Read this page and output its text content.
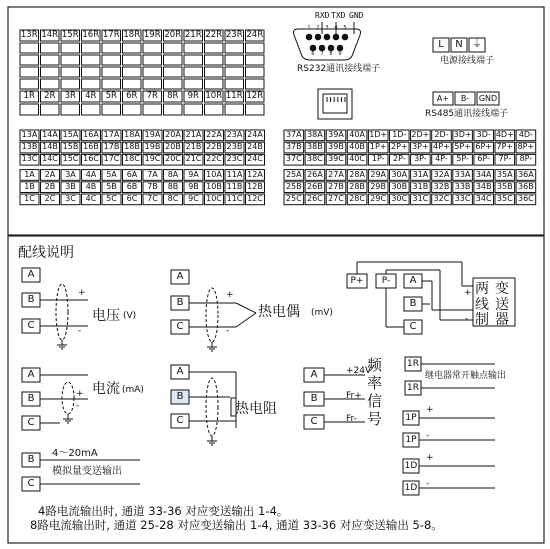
13R 14R 15R 16R 17R 18R 19R 20R 21R 22R 23R 24R
1R	2R	3R	4R	5R	6R	7R	8R	9R 10R 11R 12R
13A 14A 15A 16A 17A 18A 19A 20A 21A 22A 23A 24A
13B 14B 15B 16B 17B 18B 19B 20B 21B 22B 23B 24B
13C 14C 15C 16C 17C 18C 19C 20C 21C 22C 23C 24C
1A	2A	3A	4A	5A	6A	7A	8A	9A 10A 11A 12A
1B	2B	3B	4B	5B	6B	7B	8B	9B 10B 11B 12B
1C	2C	3C	4C	5C	6C	7C	8C	9C 10C 11C 12C
37A 38A 39A 40A 1D+ 1D- 2D+ 2D- 3D+ 3D- 4D+ 4D-
37B 38B 39B 40B 1P+ 2P+ 3P+ 4P+ 5P+ 6P+ 7P+ 8P+
37C 38C 39C 40C 1P-	2P-	3P-	4P-	5P-	6P-	7P-	8P-
25A 26A 27A 28A 29A 30A 31A 32A 33A 34A 35A 36A
25B 26B 27B 28B 29B 30B 31B 32B 33B 34B 35B 36B
25C 26C 27C 28C 29C 30C 31C 32C 33C 34C 35C 36C
RXD TXD GND
1 2 3 4 5
6 7 8 9
RS232通讯接线端子
L	N ⏚
电源接线端子
A+	B-	GND
RS485通讯接线端子
配线说明
A
B
C
+
-
A
B
C
+
-
A
B
C
+
-
A
B
C
B
C
P+	P-	A
B
C
+
-
A
B
C
1R
1R
1P
1P
+
-
1D
1D
+
-
电压 (V)	热电偶 (mV)
电流 (mA)
热电阻
4～20mA
模拟量变送输出
+24V
Fr+
Fr-
频
率
信
号
两 变
线 送
制 器
继电器常开触点输出
4路电流输出时, 通道 33-36 对应变送输出 1-4。
8路电流输出时, 通道 25-28 对应变送输出 1-4, 通道 33-36 对应变送输出 5-8。
